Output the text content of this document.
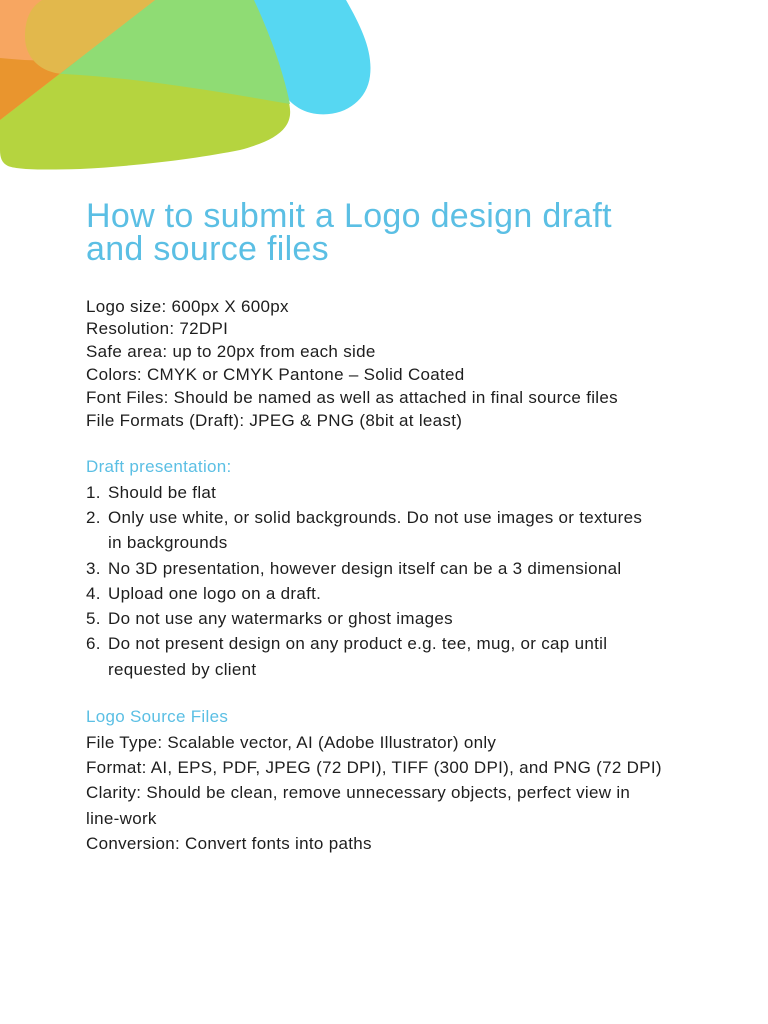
How to submit a Logo design draft and source files
Logo size: 600px X 600px
Resolution: 72DPI
Safe area: up to 20px from each side
Colors: CMYK or CMYK Pantone – Solid Coated
Font Files: Should be named as well as attached in final source files
File Formats (Draft): JPEG & PNG (8bit at least)
Draft presentation:
1. Should be flat
2. Only use white, or solid backgrounds. Do not use images or textures in backgrounds
3. No 3D presentation, however design itself can be a 3 dimensional
4. Upload one logo on a draft.
5. Do not use any watermarks or ghost images
6. Do not present design on any product e.g. tee, mug, or cap until requested by client
Logo Source Files
File Type: Scalable vector, AI (Adobe Illustrator) only
Format: AI, EPS, PDF, JPEG (72 DPI), TIFF (300 DPI), and PNG (72 DPI)
Clarity: Should be clean, remove unnecessary objects, perfect view in line-work
Conversion: Convert fonts into paths
